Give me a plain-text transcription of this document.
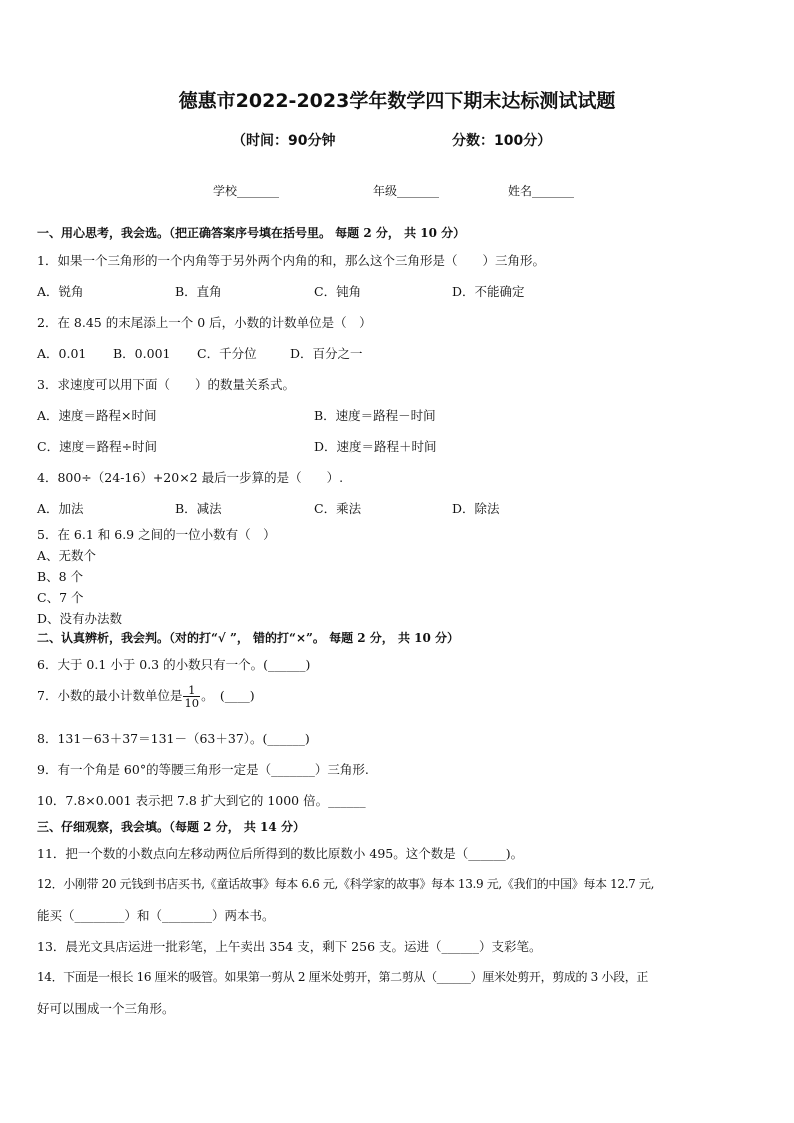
德惠市2022-2023学年数学四下期末达标测试试题
（时间：90分钟	分数：100分）
学校_______	年级_______	姓名_______
一、用心思考，我会选。（把正确答案序号填在括号里。 每题 2 分， 共 10 分）
1．如果一个三角形的一个内角等于另外两个内角的和，那么这个三角形是（　　）三角形。
A．锐角	B．直角	C．钝角	D．不能确定
2．在 8.45 的末尾添上一个 0 后，小数的计数单位是（　）
A．0.01 B．0.001 C．千分位	D．百分之一
3．求速度可以用下面（　　）的数量关系式。
A．速度＝路程×时间	B．速度＝路程－时间
C．速度＝路程÷时间	D．速度＝路程＋时间
4．800÷（24-16）+20×2 最后一步算的是（　　）.
A．加法	B．减法	C．乘法	D．除法
5．在 6.1 和 6.9 之间的一位小数有（　）
A、无数个
B、8 个
C、7 个
D、没有办法数
二、认真辨析，我会判。（对的打“√ ”， 错的打“×”。 每题 2 分， 共 10 分）
6．大于 0.1 小于 0.3 的小数只有一个。(______)
7．小数的最小计数单位是 $\frac{1}{10}$ 。　(____)
8．131－63＋37＝131－（63＋37）。(______)
9．有一个角是 60°的等腰三角形一定是（_______）三角形.
10．7.8×0.001 表示把 7.8 扩大到它的 1000 倍。______
三、仔细观察，我会填。（每题 2 分， 共 14 分）
11．把一个数的小数点向左移动两位后所得到的数比原数小 495。这个数是（______)。
12．小刚带 20 元钱到书店买书,《童话故事》每本 6.6 元,《科学家的故事》每本 13.9 元,《我们的中国》每本 12.7 元,
能买（________）和（________）两本书。
13．晨光文具店运进一批彩笔，上午卖出 354 支，剩下 256 支。运进（______）支彩笔。
14．下面是一根长 16 厘米的吸管。如果第一剪从 2 厘米处剪开，第二剪从（______）厘米处剪开，剪成的 3 小段，正
好可以围成一个三角形。
